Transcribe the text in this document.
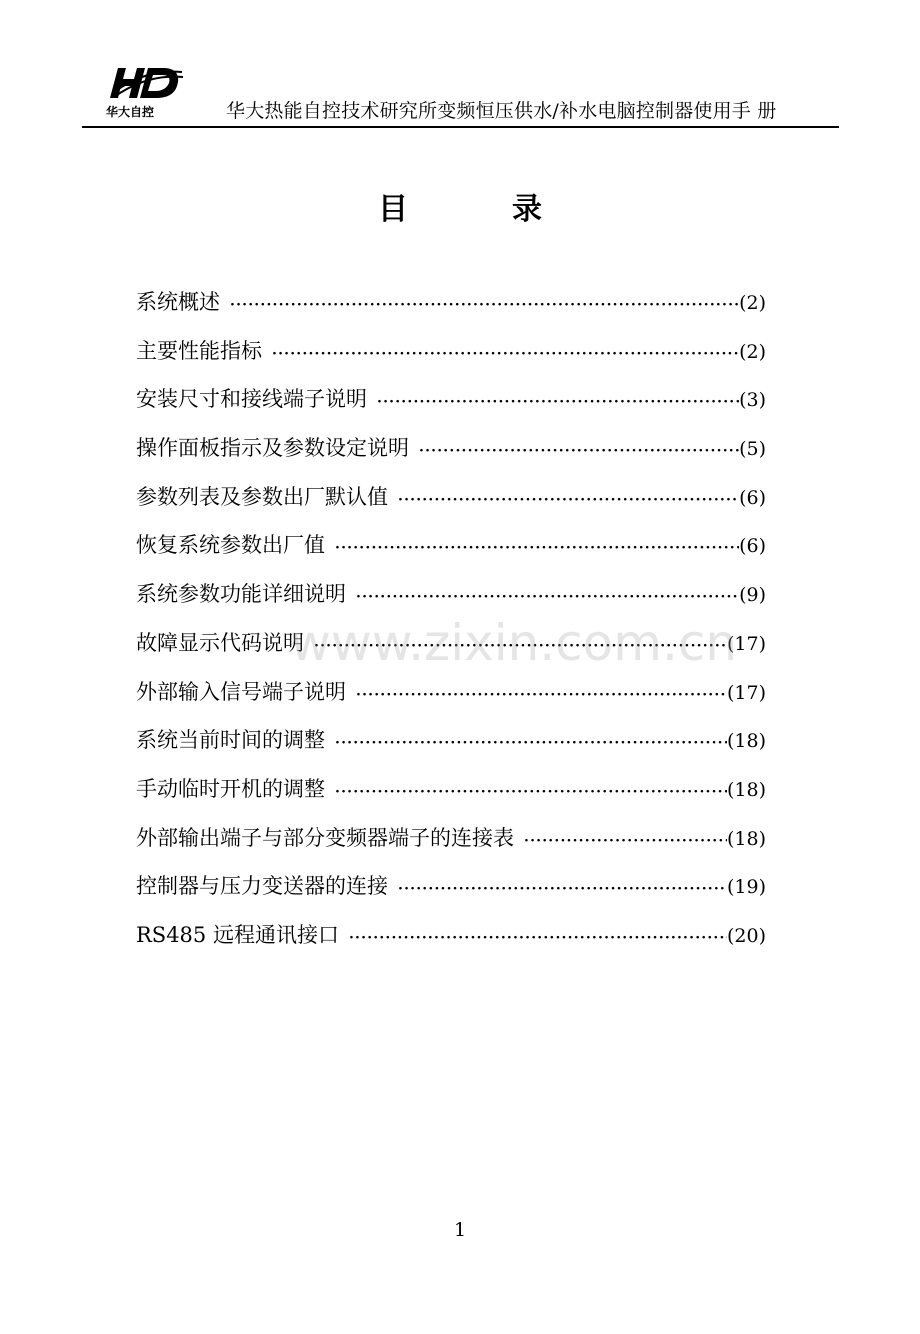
华大自控	华大热能自控技术研究所变频恒压供水/补水电脑控制器使用手 册
目	录
系统概述 ·····	(2)
主要性能指标 ·····	(2)
安装尺寸和接线端子说明 ·····	(3)
操作面板指示及参数设定说明 ·····	(5)
参数列表及参数出厂默认值 ·····	(6)
恢复系统参数出厂值 ·····	(6)
系统参数功能详细说明 ·····	(9)
故障显示代码说明 ·····	(17)
外部输入信号端子说明 ·····	(17)
系统当前时间的调整 ·····	(18)
手动临时开机的调整 ·····	(18)
外部输出端子与部分变频器端子的连接表 ·····	(18)
控制器与压力变送器的连接 ·····	(19)
RS485 远程通讯接口 ·····	(20)
www.zixin.com.cn
1
